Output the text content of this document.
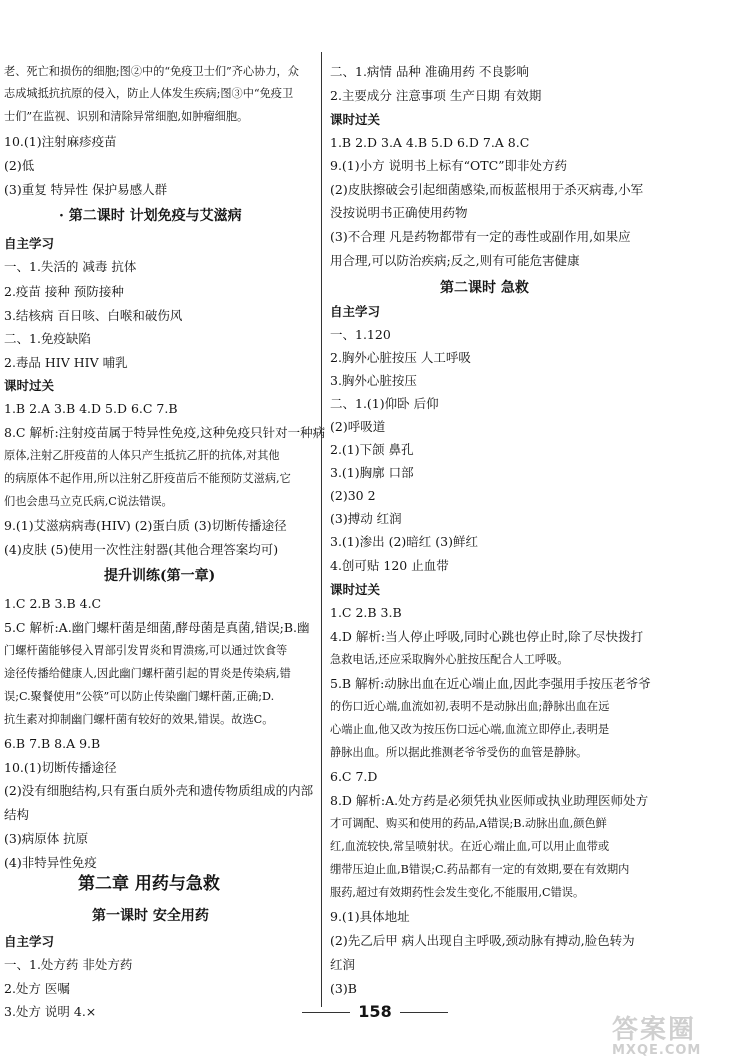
老、死亡和损伤的细胞;图②中的“免疫卫士们”齐心协力，众
志成城抵抗抗原的侵入，防止人体发生疾病;图③中“免疫卫
士们”在监视、识别和清除异常细胞,如肿瘤细胞。
10.(1)注射麻疹疫苗
(2)低
(3)重复 特异性 保护易感人群
自主学习
一、1.失活的 减毒 抗体
2.疫苗 接种 预防接种
3.结核病 百日咳、白喉和破伤风
二、1.免疫缺陷
2.毒品 HIV HIV 哺乳
课时过关
1.B 2.A 3.B 4.D 5.D 6.C 7.B
8.C 解析:注射疫苗属于特异性免疫,这种免疫只针对一种病
原体,注射乙肝疫苗的人体只产生抵抗乙肝的抗体,对其他
的病原体不起作用,所以注射乙肝疫苗后不能预防艾滋病,它
们也会患马立克氏病,C说法错误。
9.(1)艾滋病病毒(HIV) (2)蛋白质 (3)切断传播途径
(4)皮肤 (5)使用一次性注射器(其他合理答案均可)
1.C 2.B 3.B 4.C
5.C 解析:A.幽门螺杆菌是细菌,酵母菌是真菌,错误;B.幽
门螺杆菌能够侵入胃部引发胃炎和胃溃疡,可以通过饮食等
途径传播给健康人,因此幽门螺杆菌引起的胃炎是传染病,错
误;C.聚餐使用“公筷”可以防止传染幽门螺杆菌,正确;D.
抗生素对抑制幽门螺杆菌有较好的效果,错误。故选C。
6.B 7.B 8.A 9.B
10.(1)切断传播途径
(2)没有细胞结构,只有蛋白质外壳和遗传物质组成的内部
结构
(3)病原体 抗原
(4)非特异性免疫
自主学习
一、1.处方药 非处方药
2.处方 医嘱
3.处方 说明 4.×
· 第二课时 计划免疫与艾滋病
提升训练(第一章)
第二章 用药与急救
第一课时 安全用药
二、1.病情 品种 准确用药 不良影响
2.主要成分 注意事项 生产日期 有效期
课时过关
1.B 2.D 3.A 4.B 5.D 6.D 7.A 8.C
9.(1)小方 说明书上标有“OTC”即非处方药
(2)皮肤擦破会引起细菌感染,而板蓝根用于杀灭病毒,小军
没按说明书正确使用药物
(3)不合理 凡是药物都带有一定的毒性或副作用,如果应
用合理,可以防治疾病;反之,则有可能危害健康
自主学习
一、1.120
2.胸外心脏按压 人工呼吸
3.胸外心脏按压
二、1.(1)仰卧 后仰
(2)呼吸道
2.(1)下颌 鼻孔
3.(1)胸廓 口部
(2)30 2
(3)搏动 红润
3.(1)渗出 (2)暗红 (3)鲜红
4.创可贴 120 止血带
课时过关
1.C 2.B 3.B
4.D 解析:当人停止呼吸,同时心跳也停止时,除了尽快拨打
急救电话,还应采取胸外心脏按压配合人工呼吸。
5.B 解析:动脉出血在近心端止血,因此李强用手按压老爷爷
的伤口近心端,血流如初,表明不是动脉出血;静脉出血在远
心端止血,他又改为按压伤口远心端,血流立即停止,表明是
静脉出血。所以据此推测老爷爷受伤的血管是静脉。
6.C 7.D
8.D 解析:A.处方药是必须凭执业医师或执业助理医师处方
才可调配、购买和使用的药品,A错误;B.动脉出血,颜色鲜
红,血流较快,常呈喷射状。在近心端止血,可以用止血带或
绷带压迫止血,B错误;C.药品都有一定的有效期,要在有效期内
服药,超过有效期药性会发生变化,不能服用,C错误。
9.(1)具体地址
(2)先乙后甲 病人出现自主呼吸,颈动脉有搏动,脸色转为
红润
(3)B
第二课时 急救
158
答案圈
MXQE.COM
